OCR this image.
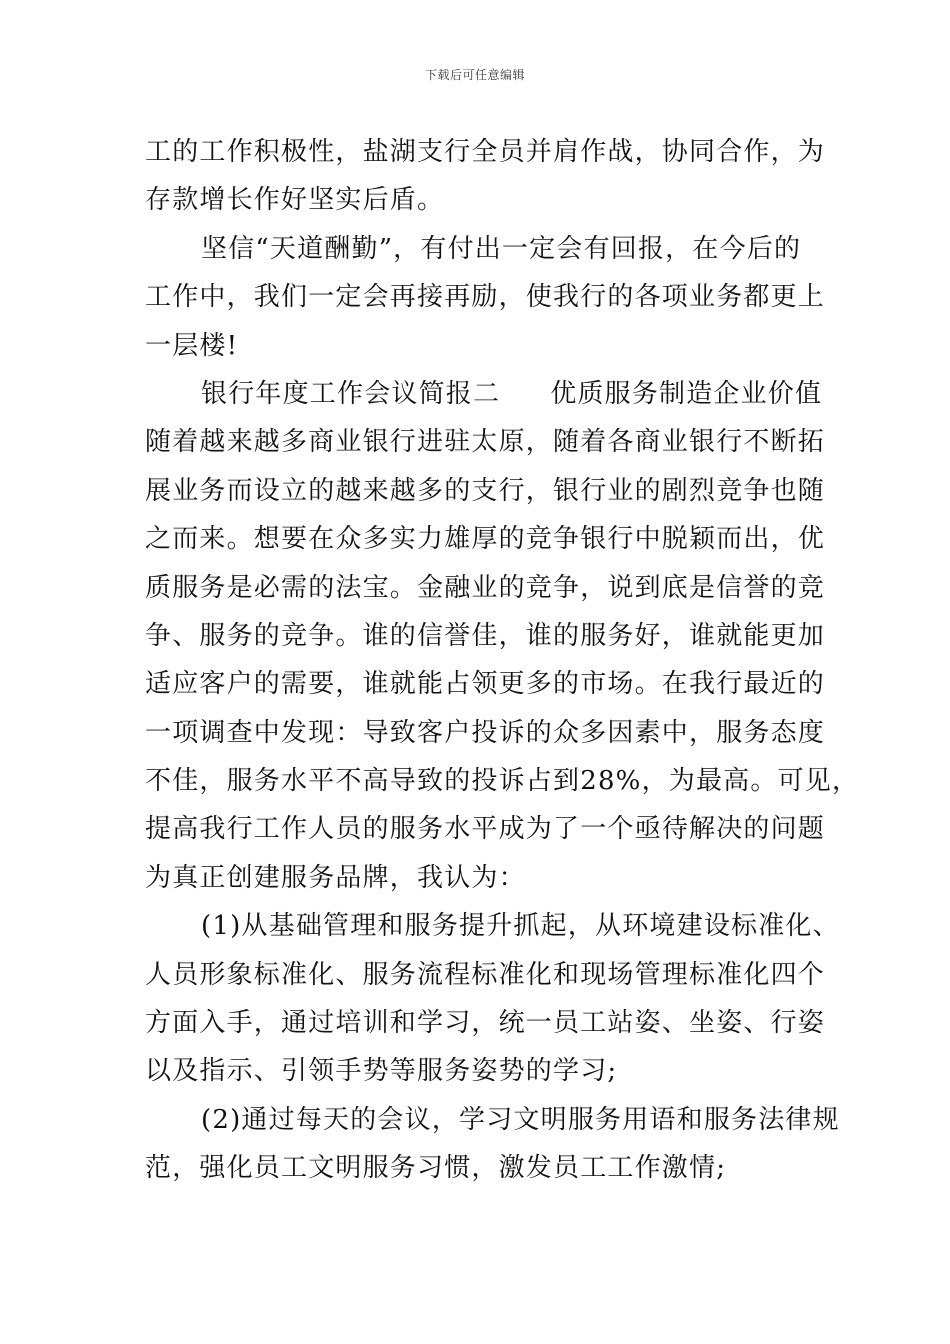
下载后可任意编辑
工的工作积极性，盐湖支行全员并肩作战，协同合作，为
存款增长作好坚实后盾。
坚信“天道酬勤”，有付出一定会有回报，在今后的
工作中，我们一定会再接再励，使我行的各项业务都更上
一层楼!
银行年度工作会议简报二 优质服务制造企业价值
随着越来越多商业银行进驻太原，随着各商业银行不断拓
展业务而设立的越来越多的支行，银行业的剧烈竞争也随
之而来。想要在众多实力雄厚的竞争银行中脱颖而出，优
质服务是必需的法宝。金融业的竞争，说到底是信誉的竞
争、服务的竞争。谁的信誉佳，谁的服务好，谁就能更加
适应客户的需要，谁就能占领更多的市场。在我行最近的
一项调查中发现：导致客户投诉的众多因素中，服务态度
不佳，服务水平不高导致的投诉占到28%，为最高。可见，
提高我行工作人员的服务水平成为了一个亟待解决的问题
为真正创建服务品牌，我认为：
(1)从基础管理和服务提升抓起，从环境建设标准化、
人员形象标准化、服务流程标准化和现场管理标准化四个
方面入手，通过培训和学习，统一员工站姿、坐姿、行姿
以及指示、引领手势等服务姿势的学习;
(2)通过每天的会议，学习文明服务用语和服务法律规
范，强化员工文明服务习惯，激发员工工作激情;
